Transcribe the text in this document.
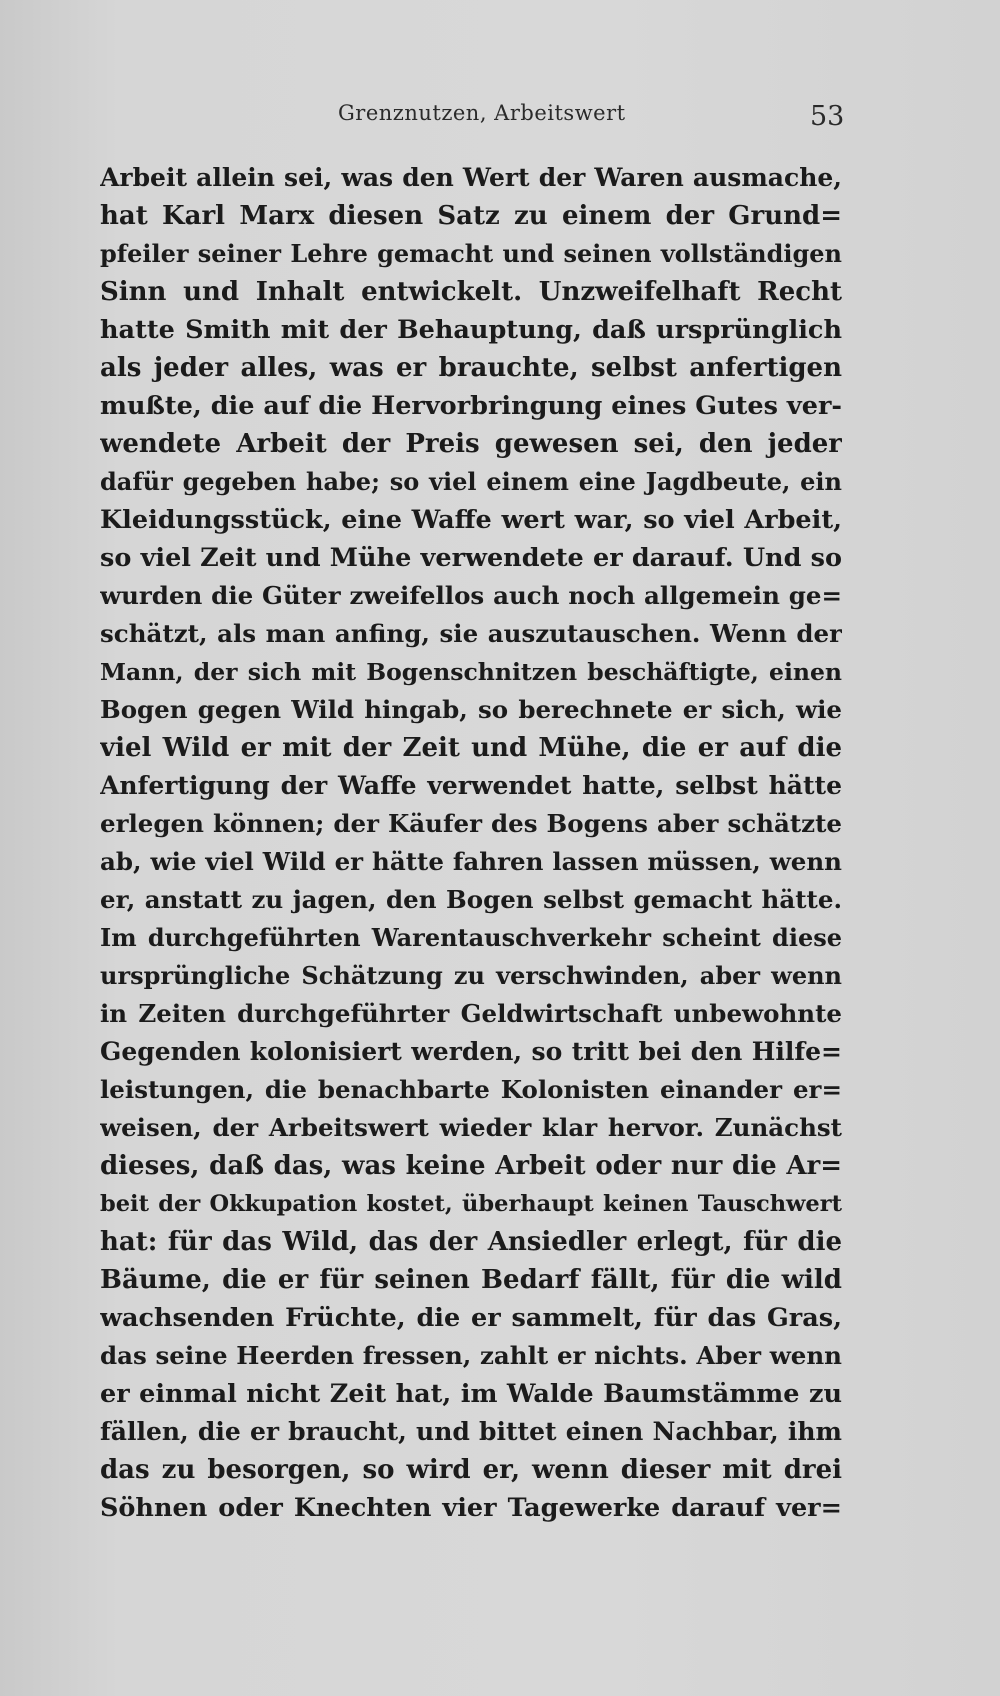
Grenznutzen, Arbeitswert	53
Arbeit allein sei, was den Wert der Waren ausmache,
hat Karl Marx diesen Satz zu einem der Grund=
pfeiler seiner Lehre gemacht und seinen vollständigen
Sinn und Inhalt entwickelt. Unzweifelhaft Recht
hatte Smith mit der Behauptung, daß ursprünglich
als jeder alles, was er brauchte, selbst anfertigen
mußte, die auf die Hervorbringung eines Gutes ver-
wendete Arbeit der Preis gewesen sei, den jeder
dafür gegeben habe; so viel einem eine Jagdbeute, ein
Kleidungsstück, eine Waffe wert war, so viel Arbeit,
so viel Zeit und Mühe verwendete er darauf. Und so
wurden die Güter zweifellos auch noch allgemein ge=
schätzt, als man anfing, sie auszutauschen. Wenn der
Mann, der sich mit Bogenschnitzen beschäftigte, einen
Bogen gegen Wild hingab, so berechnete er sich, wie
viel Wild er mit der Zeit und Mühe, die er auf die
Anfertigung der Waffe verwendet hatte, selbst hätte
erlegen können; der Käufer des Bogens aber schätzte
ab, wie viel Wild er hätte fahren lassen müssen, wenn
er, anstatt zu jagen, den Bogen selbst gemacht hätte.
Im durchgeführten Warentauschverkehr scheint diese
ursprüngliche Schätzung zu verschwinden, aber wenn
in Zeiten durchgeführter Geldwirtschaft unbewohnte
Gegenden kolonisiert werden, so tritt bei den Hilfe=
leistungen, die benachbarte Kolonisten einander er=
weisen, der Arbeitswert wieder klar hervor. Zunächst
dieses, daß das, was keine Arbeit oder nur die Ar=
beit der Okkupation kostet, überhaupt keinen Tauschwert
hat: für das Wild, das der Ansiedler erlegt, für die
Bäume, die er für seinen Bedarf fällt, für die wild
wachsenden Früchte, die er sammelt, für das Gras,
das seine Heerden fressen, zahlt er nichts. Aber wenn
er einmal nicht Zeit hat, im Walde Baumstämme zu
fällen, die er braucht, und bittet einen Nachbar, ihm
das zu besorgen, so wird er, wenn dieser mit drei
Söhnen oder Knechten vier Tagewerke darauf ver=
